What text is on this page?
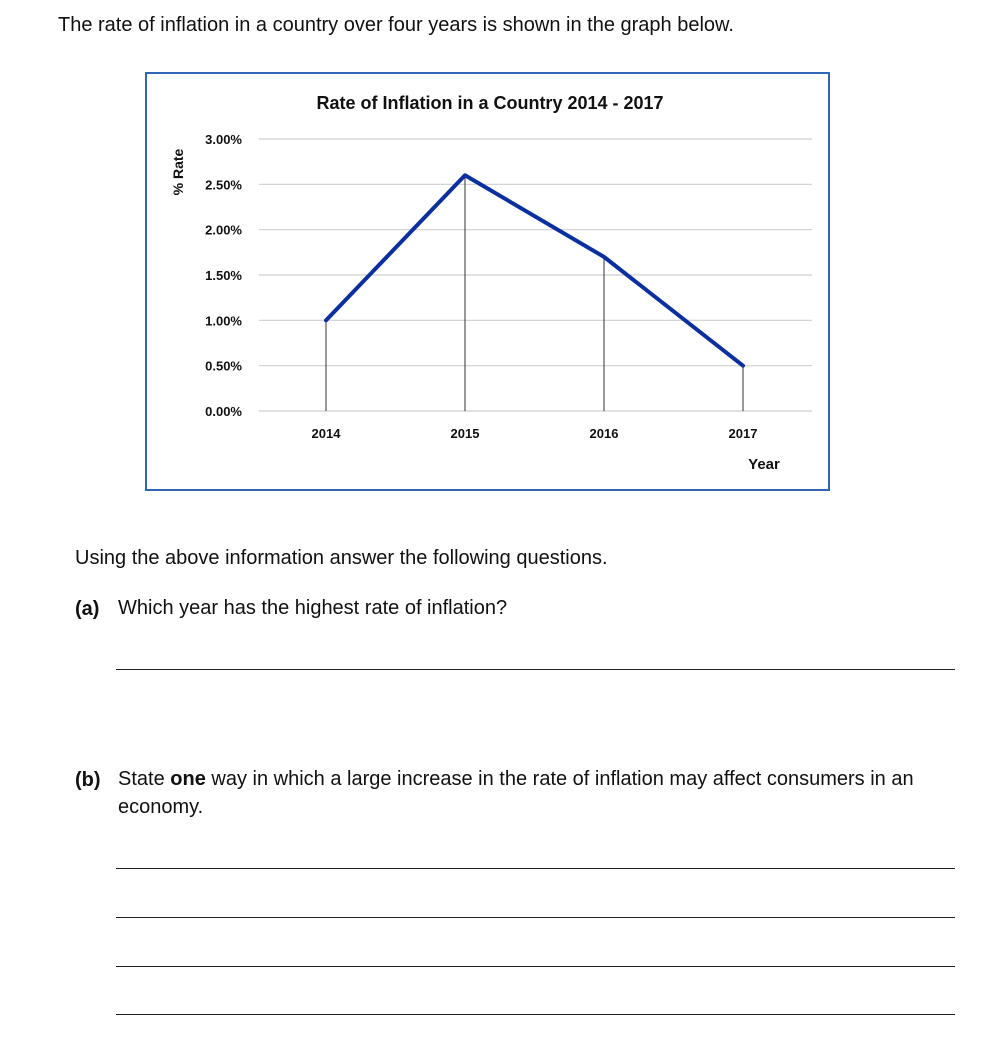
The rate of inflation in a country over four years is shown in the graph below.
Rate of Inflation in a Country 2014 - 2017
% Rate
Year
0.00%
0.50%
1.00%
1.50%
2.00%
2.50%
3.00%
2014	2015	2016	2017
Using the above information answer the following questions.
(a) Which year has the highest rate of inflation?
(b) State one way in which a large increase in the rate of inflation may affect consumers in an economy.
